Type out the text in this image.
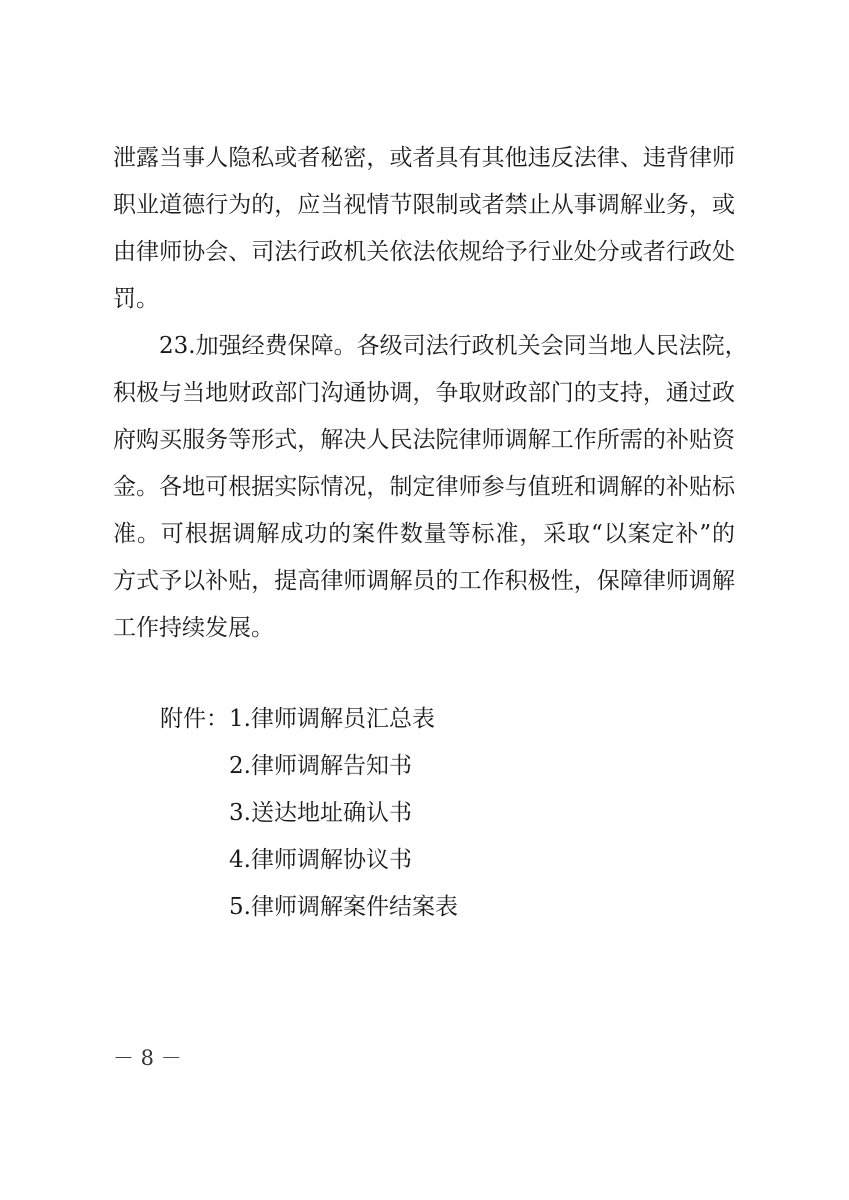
泄露当事人隐私或者秘密，或者具有其他违反法律、违背律师
职业道德行为的，应当视情节限制或者禁止从事调解业务，或
由律师协会、司法行政机关依法依规给予行业处分或者行政处
罚。
　　23.加强经费保障。各级司法行政机关会同当地人民法院，
积极与当地财政部门沟通协调，争取财政部门的支持，通过政
府购买服务等形式，解决人民法院律师调解工作所需的补贴资
金。各地可根据实际情况，制定律师参与值班和调解的补贴标
准。可根据调解成功的案件数量等标准，采取“以案定补”的
方式予以补贴，提高律师调解员的工作积极性，保障律师调解
工作持续发展。
附件： 1.律师调解员汇总表
2.律师调解告知书
3.送达地址确认书
4.律师调解协议书
5.律师调解案件结案表
－ 8 －
